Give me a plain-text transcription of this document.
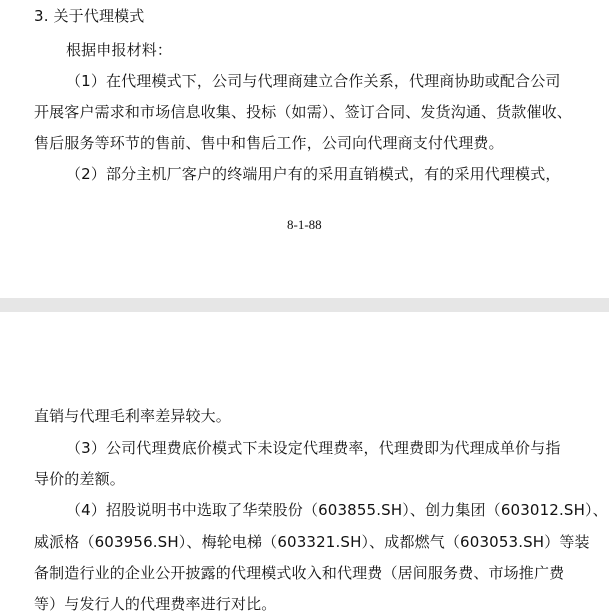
3. 关于代理模式
根据申报材料：
（1）在代理模式下，公司与代理商建立合作关系，代理商协助或配合公司
开展客户需求和市场信息收集、投标（如需）、签订合同、发货沟通、货款催收、
售后服务等环节的售前、售中和售后工作，公司向代理商支付代理费。
（2）部分主机厂客户的终端用户有的采用直销模式，有的采用代理模式，
8-1-88
直销与代理毛利率差异较大。
（3）公司代理费底价模式下未设定代理费率，代理费即为代理成单价与指
导价的差额。
（4）招股说明书中选取了华荣股份（603855.SH）、创力集团（603012.SH）、
威派格（603956.SH）、梅轮电梯（603321.SH）、成都燃气（603053.SH）等装
备制造行业的企业公开披露的代理模式收入和代理费（居间服务费、市场推广费
等）与发行人的代理费率进行对比。
